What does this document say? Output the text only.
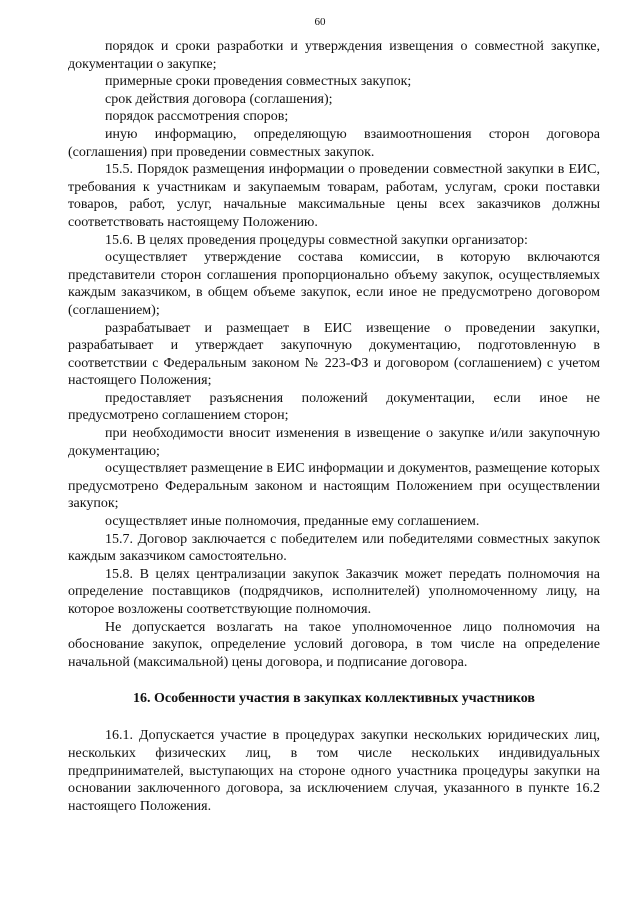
60

порядок и сроки разработки и утверждения извещения о совместной закупке, документации о закупке;

примерные сроки проведения совместных закупок;

срок действия договора (соглашения);

порядок рассмотрения споров;

иную информацию, определяющую взаимоотношения сторон договора (соглашения) при проведении совместных закупок.

15.5. Порядок размещения информации о проведении совместной закупки в ЕИС, требования к участникам и закупаемым товарам, работам, услугам, сроки поставки товаров, работ, услуг, начальные максимальные цены всех заказчиков должны соответствовать настоящему Положению.

15.6. В целях проведения процедуры совместной закупки организатор:

осуществляет утверждение состава комиссии, в которую включаются представители сторон соглашения пропорционально объему закупок, осуществляемых каждым заказчиком, в общем объеме закупок, если иное не предусмотрено договором (соглашением);

разрабатывает и размещает в ЕИС извещение о проведении закупки, разрабатывает и утверждает закупочную документацию, подготовленную в соответствии с Федеральным законом № 223-ФЗ и договором (соглашением) с учетом настоящего Положения;

предоставляет разъяснения положений документации, если иное не предусмотрено соглашением сторон;

при необходимости вносит изменения в извещение о закупке и/или закупочную документацию;

осуществляет размещение в ЕИС информации и документов, размещение которых предусмотрено Федеральным законом и настоящим Положением при осуществлении закупок;

осуществляет иные полномочия, преданные ему соглашением.

15.7. Договор заключается с победителем или победителями совместных закупок каждым заказчиком самостоятельно.

15.8. В целях централизации закупок Заказчик может передать полномочия на определение поставщиков (подрядчиков, исполнителей) уполномоченному лицу, на которое возложены соответствующие полномочия.

Не допускается возлагать на такое уполномоченное лицо полномочия на обоснование закупок, определение условий договора, в том числе на определение начальной (максимальной) цены договора, и подписание договора.

16. Особенности участия в закупках коллективных участников

16.1. Допускается участие в процедурах закупки нескольких юридических лиц, нескольких физических лиц, в том числе нескольких индивидуальных предпринимателей, выступающих на стороне одного участника процедуры закупки на основании заключенного договора, за исключением случая, указанного в пункте 16.2 настоящего Положения.
